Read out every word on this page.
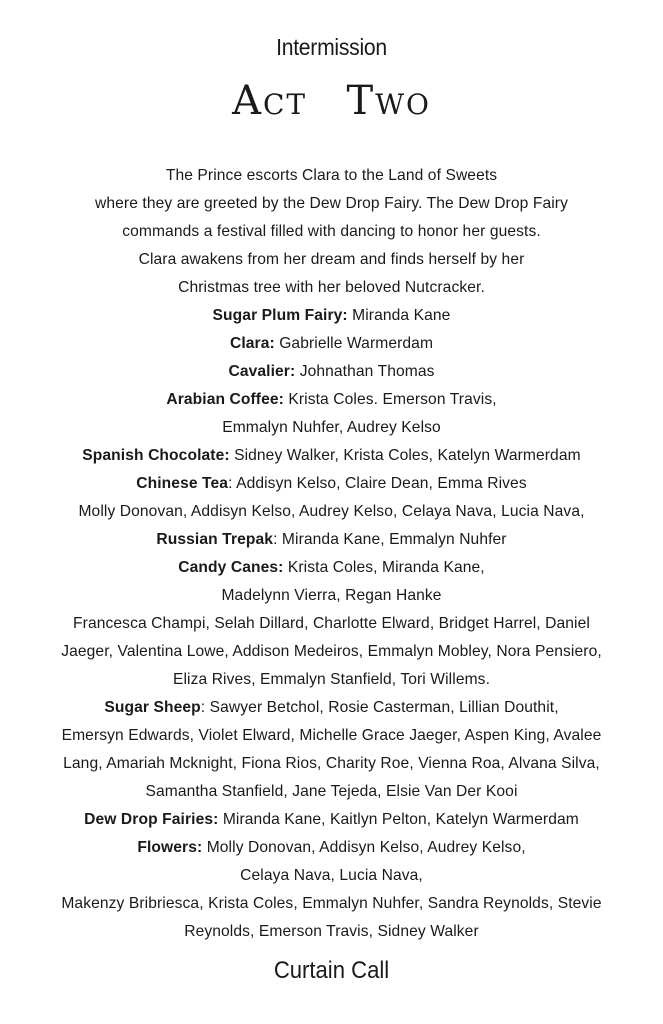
Intermission
ACT TWO
The Prince escorts Clara to the Land of Sweets
where they are greeted by the Dew Drop Fairy. The Dew Drop Fairy
commands a festival filled with dancing to honor her guests.
Clara awakens from her dream and finds herself by her
Christmas tree with her beloved Nutcracker.
Sugar Plum Fairy: Miranda Kane
Clara: Gabrielle Warmerdam
Cavalier: Johnathan Thomas
Arabian Coffee: Krista Coles. Emerson Travis,
Emmalyn Nuhfer, Audrey Kelso
Spanish Chocolate: Sidney Walker, Krista Coles, Katelyn Warmerdam
Chinese Tea: Addisyn Kelso, Claire Dean, Emma Rives
Molly Donovan, Addisyn Kelso, Audrey Kelso, Celaya Nava, Lucia Nava,
Russian Trepak: Miranda Kane, Emmalyn Nuhfer
Candy Canes: Krista Coles, Miranda Kane,
Madelynn Vierra, Regan Hanke
Francesca Champi, Selah Dillard, Charlotte Elward, Bridget Harrel, Daniel
Jaeger, Valentina Lowe, Addison Medeiros, Emmalyn Mobley, Nora Pensiero,
Eliza Rives, Emmalyn Stanfield, Tori Willems.
Sugar Sheep: Sawyer Betchol, Rosie Casterman, Lillian Douthit,
Emersyn Edwards, Violet Elward, Michelle Grace Jaeger, Aspen King, Avalee
Lang, Amariah Mcknight, Fiona Rios, Charity Roe, Vienna Roa, Alvana Silva,
Samantha Stanfield, Jane Tejeda, Elsie Van Der Kooi
Dew Drop Fairies: Miranda Kane, Kaitlyn Pelton, Katelyn Warmerdam
Flowers: Molly Donovan, Addisyn Kelso, Audrey Kelso,
Celaya Nava, Lucia Nava,
Makenzy Bribriesca, Krista Coles, Emmalyn Nuhfer, Sandra Reynolds, Stevie
Reynolds, Emerson Travis, Sidney Walker
Curtain Call
